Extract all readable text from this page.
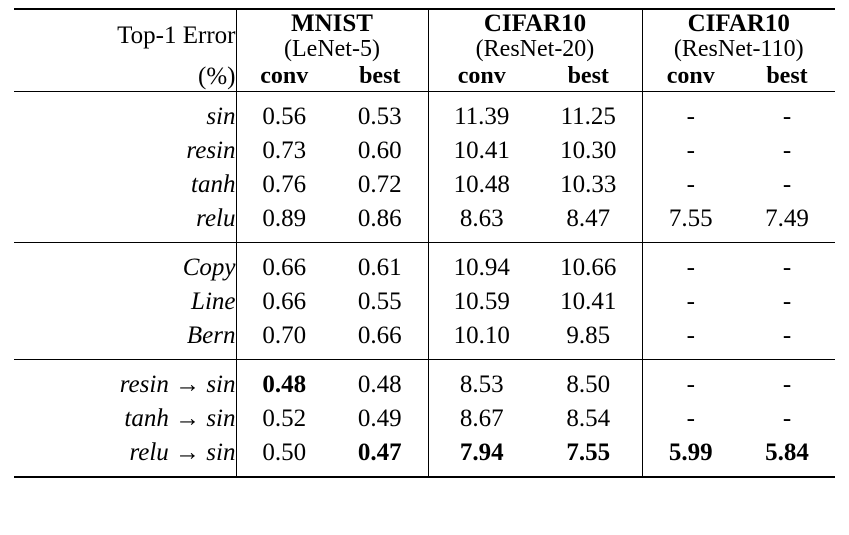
Top-1 Error	MNIST		CIFAR10		CIFAR10	
	(LeNet-5)		(ResNet-20)		(ResNet-110)	
(%)	conv	best	conv	best	conv	best

sin	0.56	0.53	11.39	11.25	-	-
resin	0.73	0.60	10.41	10.30	-	-
tanh	0.76	0.72	10.48	10.33	-	-
relu	0.89	0.86	8.63	8.47	7.55	7.49

Copy	0.66	0.61	10.94	10.66	-	-
Line	0.66	0.55	10.59	10.41	-	-
Bern	0.70	0.66	10.10	9.85	-	-

resin → sin	0.48	0.48	8.53	8.50	-	-
tanh → sin	0.52	0.49	8.67	8.54	-	-
relu → sin	0.50	0.47	7.94	7.55	5.99	5.84
